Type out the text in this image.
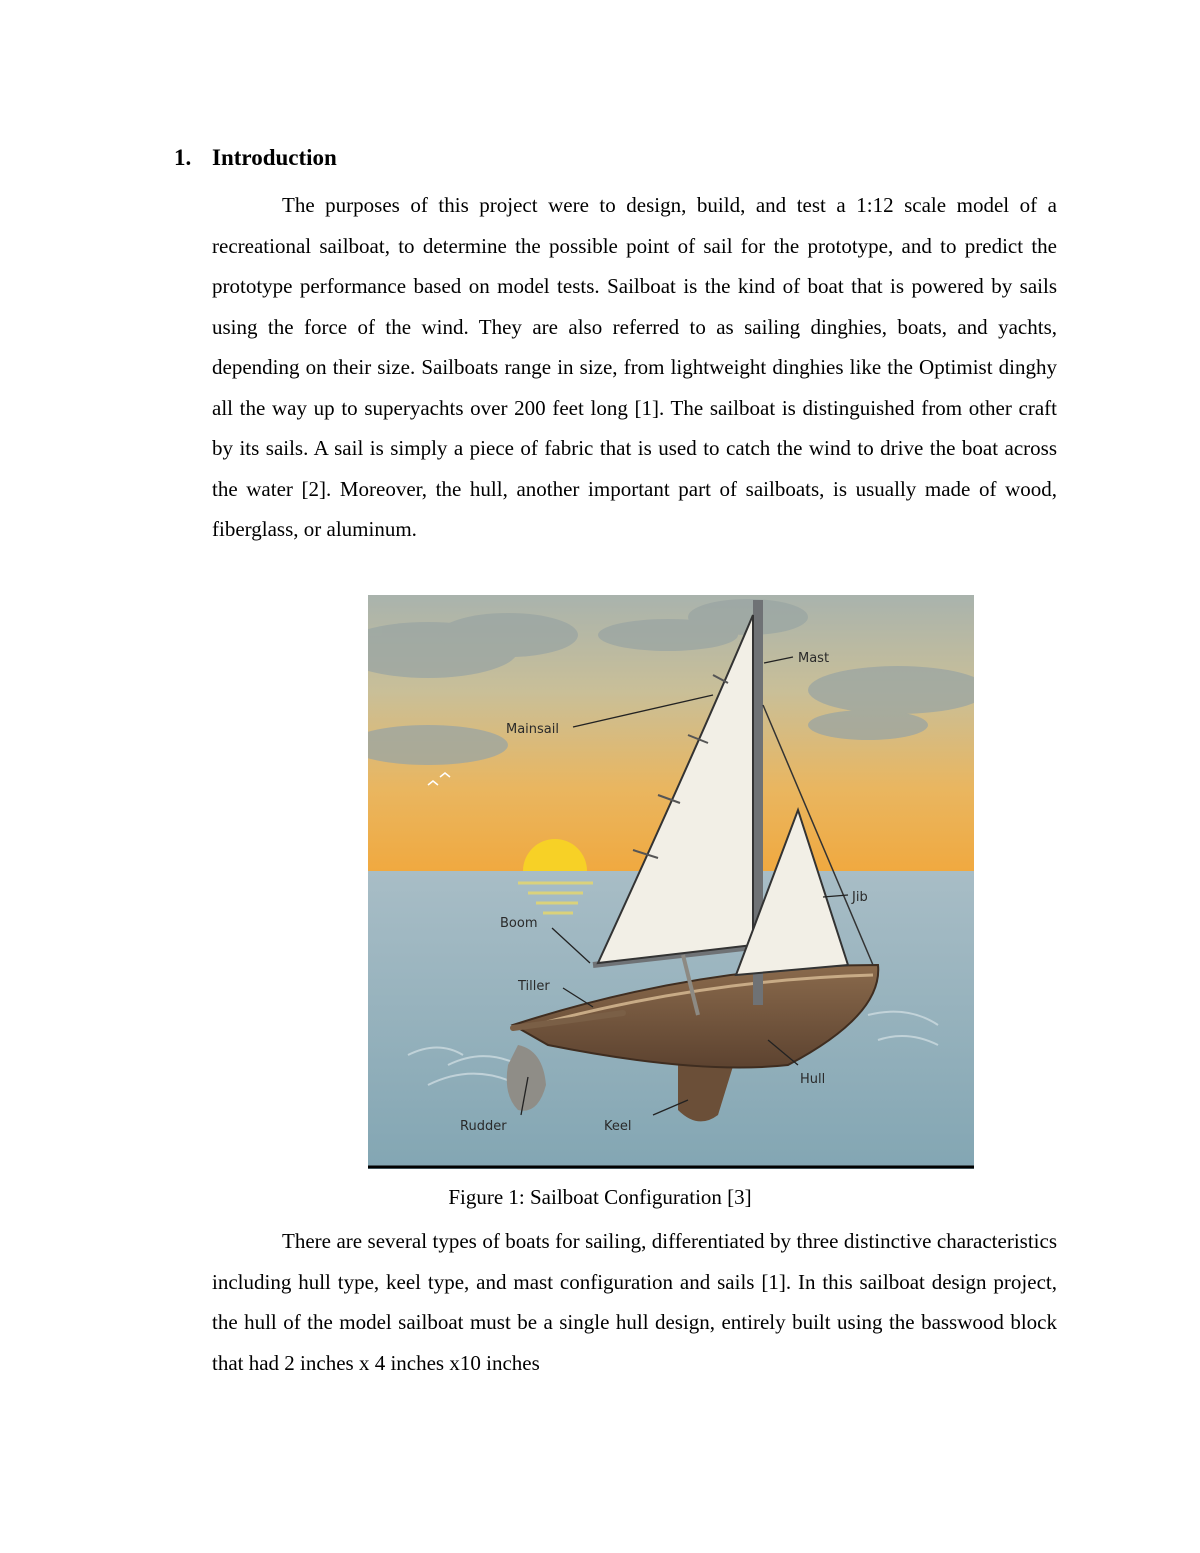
1. Introduction

The purposes of this project were to design, build, and test a 1:12 scale model of a recreational sailboat, to determine the possible point of sail for the prototype, and to predict the prototype performance based on model tests. Sailboat is the kind of boat that is powered by sails using the force of the wind. They are also referred to as sailing dinghies, boats, and yachts, depending on their size. Sailboats range in size, from lightweight dinghies like the Optimist dinghy all the way up to superyachts over 200 feet long [1]. The sailboat is distinguished from other craft by its sails. A sail is simply a piece of fabric that is used to catch the wind to drive the boat across the water [2]. Moreover, the hull, another important part of sailboats, is usually made of wood, fiberglass, or aluminum.

Mast
Mainsail
Jib
Boom
Tiller
Hull
Rudder	Keel
Figure 1: Sailboat Configuration [3]

There are several types of boats for sailing, differentiated by three distinctive characteristics including hull type, keel type, and mast configuration and sails [1]. In this sailboat design project, the hull of the model sailboat must be a single hull design, entirely built using the basswood block that had 2 inches x 4 inches x10 inches
